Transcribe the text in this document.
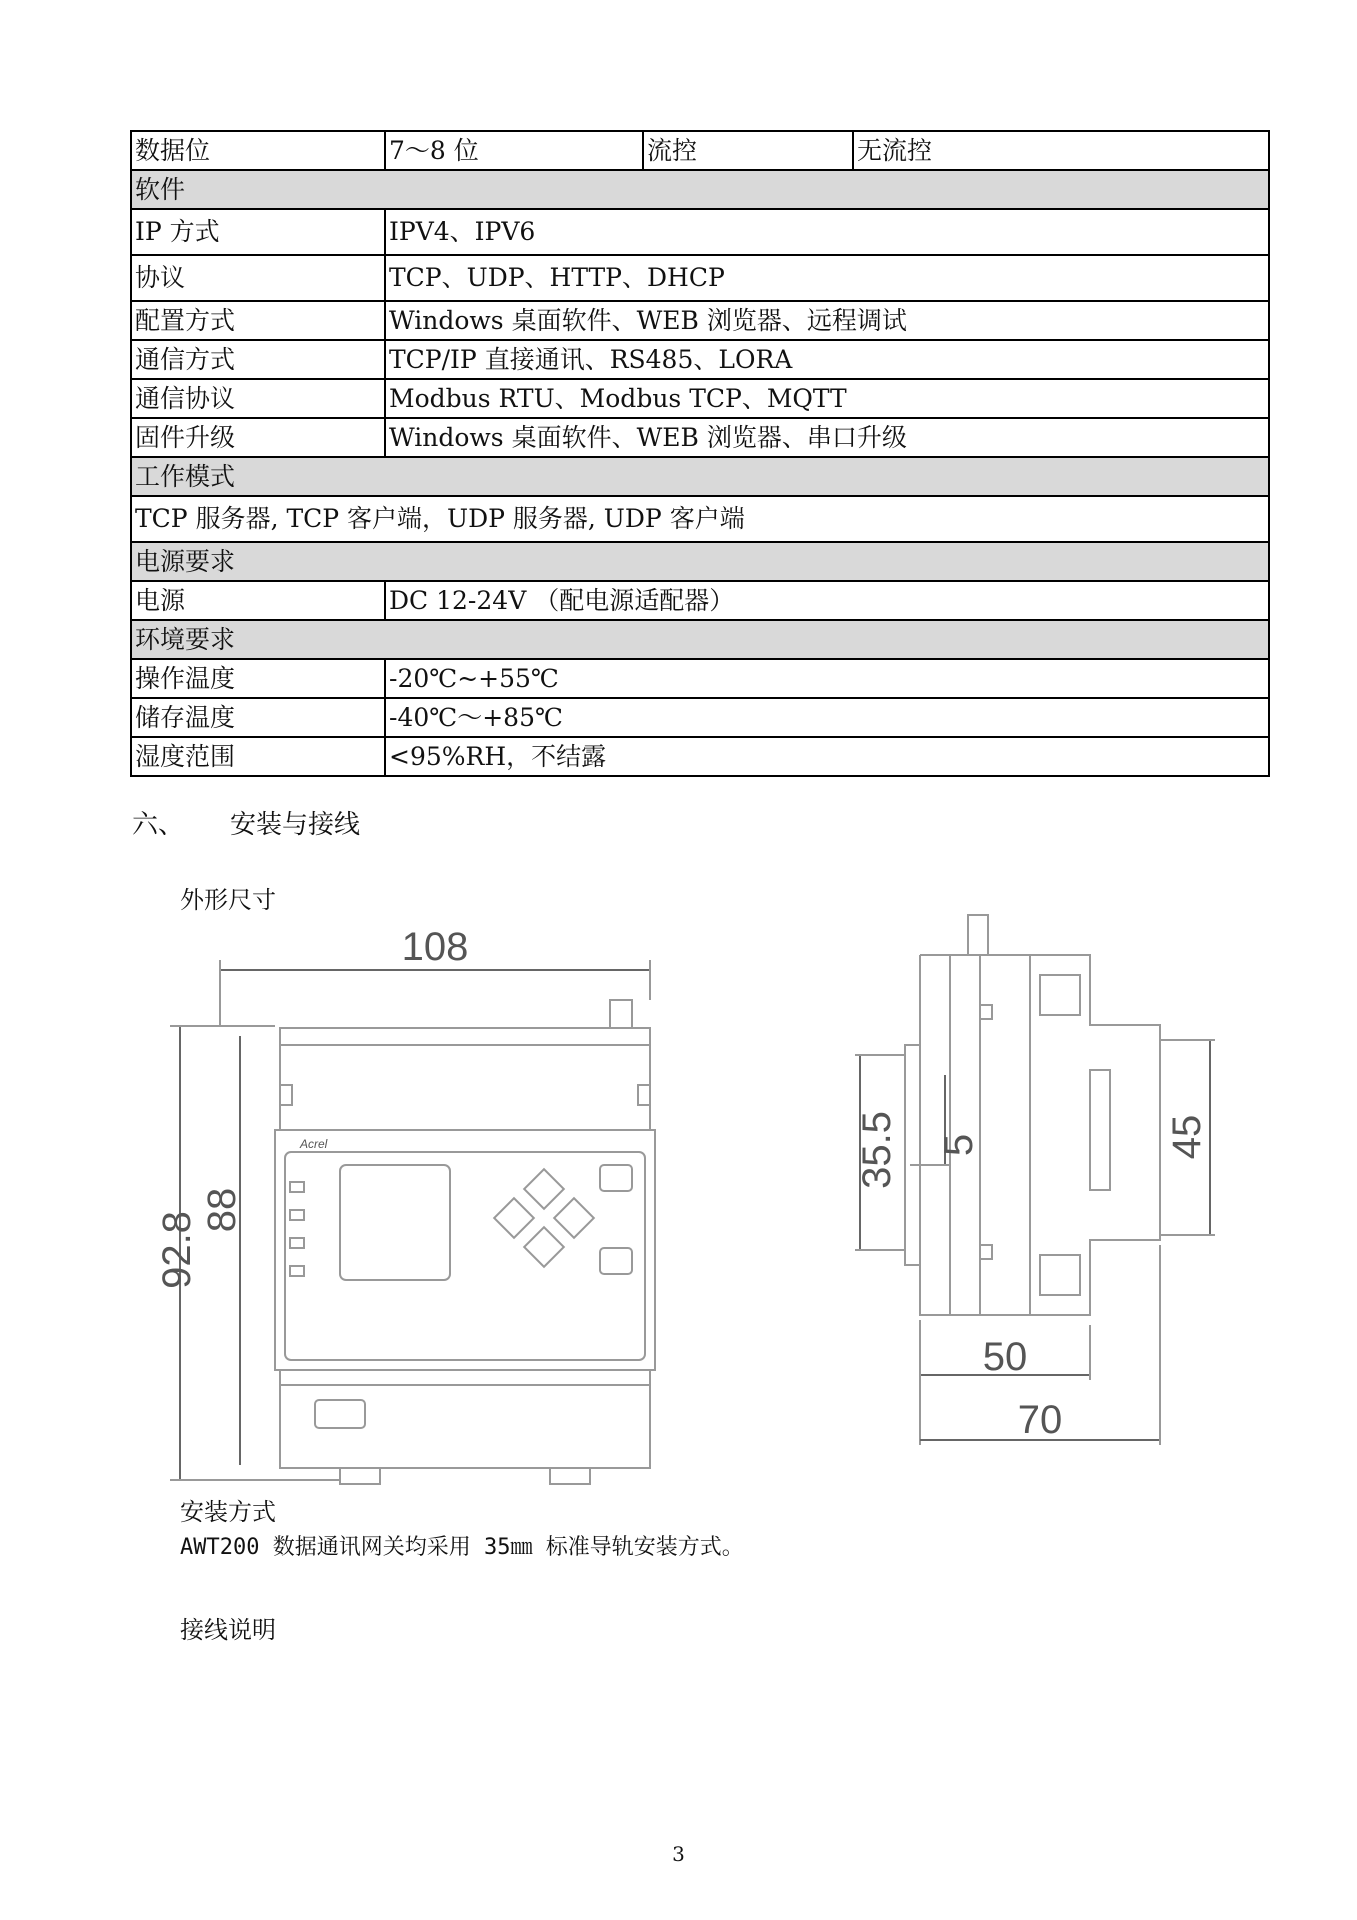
数据位	7～8 位	流控	无流控
软件			
IP 方式	IPV4、IPV6		
协议	TCP、UDP、HTTP、DHCP		
配置方式	Windows 桌面软件、WEB 浏览器、远程调试		
通信方式	TCP/IP 直接通讯、RS485、LORA		
通信协议	Modbus RTU、Modbus TCP、MQTT		
固件升级	Windows 桌面软件、WEB 浏览器、串口升级		
工作模式			
TCP 服务器, TCP 客户端，UDP 服务器, UDP 客户端			
电源要求			
电源	DC 12-24V （配电源适配器）		
环境要求			
操作温度	-20℃~+55℃		
储存温度	-40℃～+85℃		
湿度范围	<95%RH，不结露		
六、 安装与接线
外形尺寸
108
92.8
88
Acrel	35.5 5	45
50
70
安装方式
AWT200 数据通讯网关均采用 35㎜ 标准导轨安装方式。
接线说明
3
